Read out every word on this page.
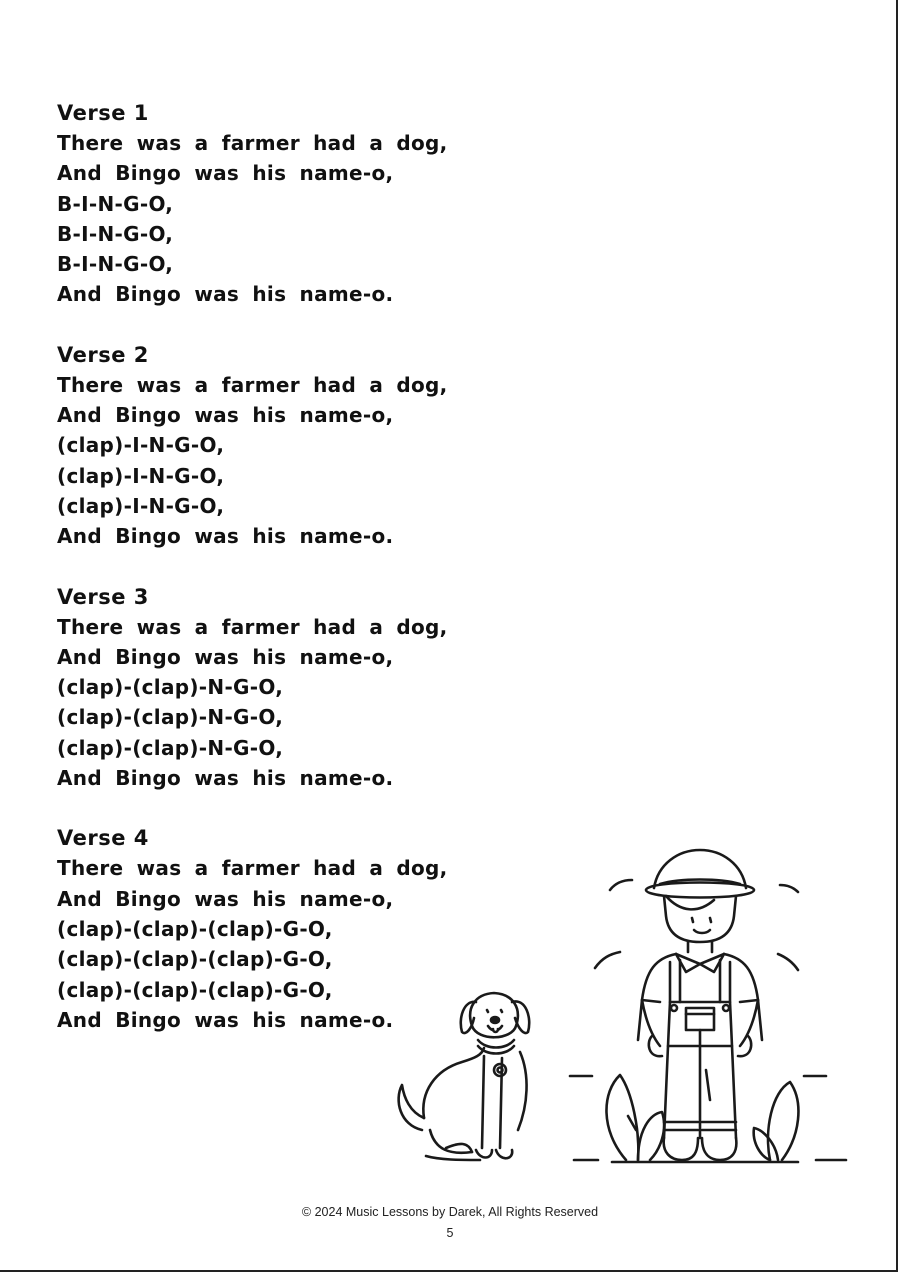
Verse 1

There was a farmer had a dog,

And Bingo was his name-o,

B-I-N-G-O,

B-I-N-G-O,

B-I-N-G-O,

And Bingo was his name-o.

Verse 2

There was a farmer had a dog,

And Bingo was his name-o,

(clap)-I-N-G-O,

(clap)-I-N-G-O,

(clap)-I-N-G-O,

And Bingo was his name-o.

Verse 3

There was a farmer had a dog,

And Bingo was his name-o,

(clap)-(clap)-N-G-O,

(clap)-(clap)-N-G-O,

(clap)-(clap)-N-G-O,

And Bingo was his name-o.

Verse 4

There was a farmer had a dog,

And Bingo was his name-o,

(clap)-(clap)-(clap)-G-O,

(clap)-(clap)-(clap)-G-O,

(clap)-(clap)-(clap)-G-O,

And Bingo was his name-o.

© 2024 Music Lessons by Darek, All Rights Reserved
5
